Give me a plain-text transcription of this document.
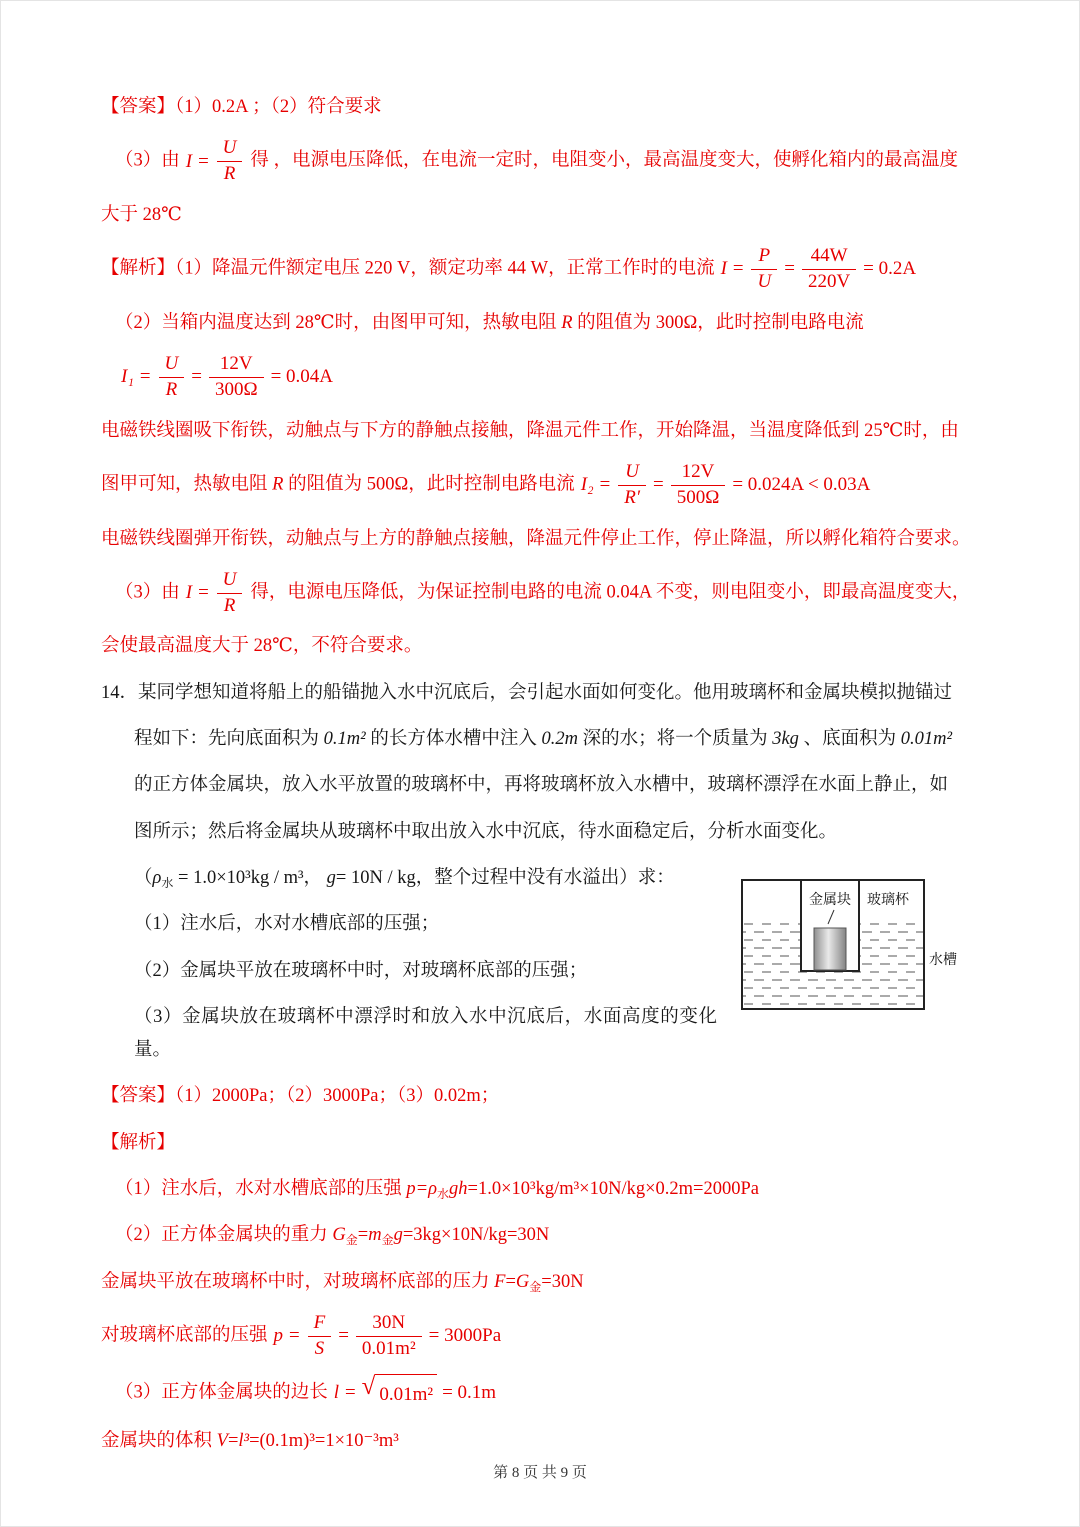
【答案】（1）0.2A ；（2）符合要求

（3）由 $I = \frac{U}{R}$ 得 ，电源电压降低，在电流一定时，电阻变小，最高温度变大，使孵化箱内的最高温度

大于 28℃

【解析】（1）降温元件额定电压 220 V，额定功率 44 W，正常工作时的电流 $I = \frac{P}{U} = \frac{44W}{220V} = 0.2A$

（2）当箱内温度达到 28℃时，由图甲可知，热敏电阻 R 的阻值为 300Ω，此时控制电路电流

$I_1 = \frac{U}{R} = \frac{12V}{300\Omega} = 0.04A$

电磁铁线圈吸下衔铁，动触点与下方的静触点接触，降温元件工作，开始降温，当温度降低到 25℃时，由

图甲可知，热敏电阻 R 的阻值为 500Ω，此时控制电路电流 $I_2 = \frac{U}{R'} = \frac{12V}{500\Omega} = 0.024A < 0.03A$

电磁铁线圈弹开衔铁，动触点与上方的静触点接触，降温元件停止工作，停止降温，所以孵化箱符合要求。

（3）由 $I = \frac{U}{R}$ 得，电源电压降低，为保证控制电路的电流 0.04A 不变，则电阻变小，即最高温度变大，

会使最高温度大于 28℃，不符合要求。

14．某同学想知道将船上的船锚抛入水中沉底后，会引起水面如何变化。他用玻璃杯和金属块模拟抛锚过

程如下：先向底面积为 0.1m² 的长方体水槽中注入 0.2m 深的水；将一个质量为 3kg 、底面积为 0.01m²

的正方体金属块，放入水平放置的玻璃杯中，再将玻璃杯放入水槽中，玻璃杯漂浮在水面上静止，如

图所示；然后将金属块从玻璃杯中取出放入水中沉底，待水面稳定后，分析水面变化。

金属块 玻璃杯
水槽

（$\rho_水 = 1.0\times 10^3kg / m^3$， g= 10N / kg，整个过程中没有水溢出）求：

（1）注水后，水对水槽底部的压强；

（2）金属块平放在玻璃杯中时，对玻璃杯底部的压强；

（3）金属块放在玻璃杯中漂浮时和放入水中沉底后，水面高度的变化量。

【答案】（1）2000Pa；（2）3000Pa；（3）0.02m；

【解析】

（1）注水后，水对水槽底部的压强 $p=\rho_水gh=1.0\times 10^3kg/m^3\times 10N/kg\times 0.2m=2000Pa$

（2）正方体金属块的重力 $G_金=m_金g=3kg\times 10N/kg=30N$

金属块平放在玻璃杯中时，对玻璃杯底部的压力 $F=G_金=30N$

对玻璃杯底部的压强 $p = \frac{F}{S} = \frac{30N}{\text{0.01m²}} = 3000Pa$

（3）正方体金属块的边长 l = √ 0.01m² = 0.1m

金属块的体积 V=l³=(0.1m)³=1×10⁻³m³

第 8 页 共 9 页
